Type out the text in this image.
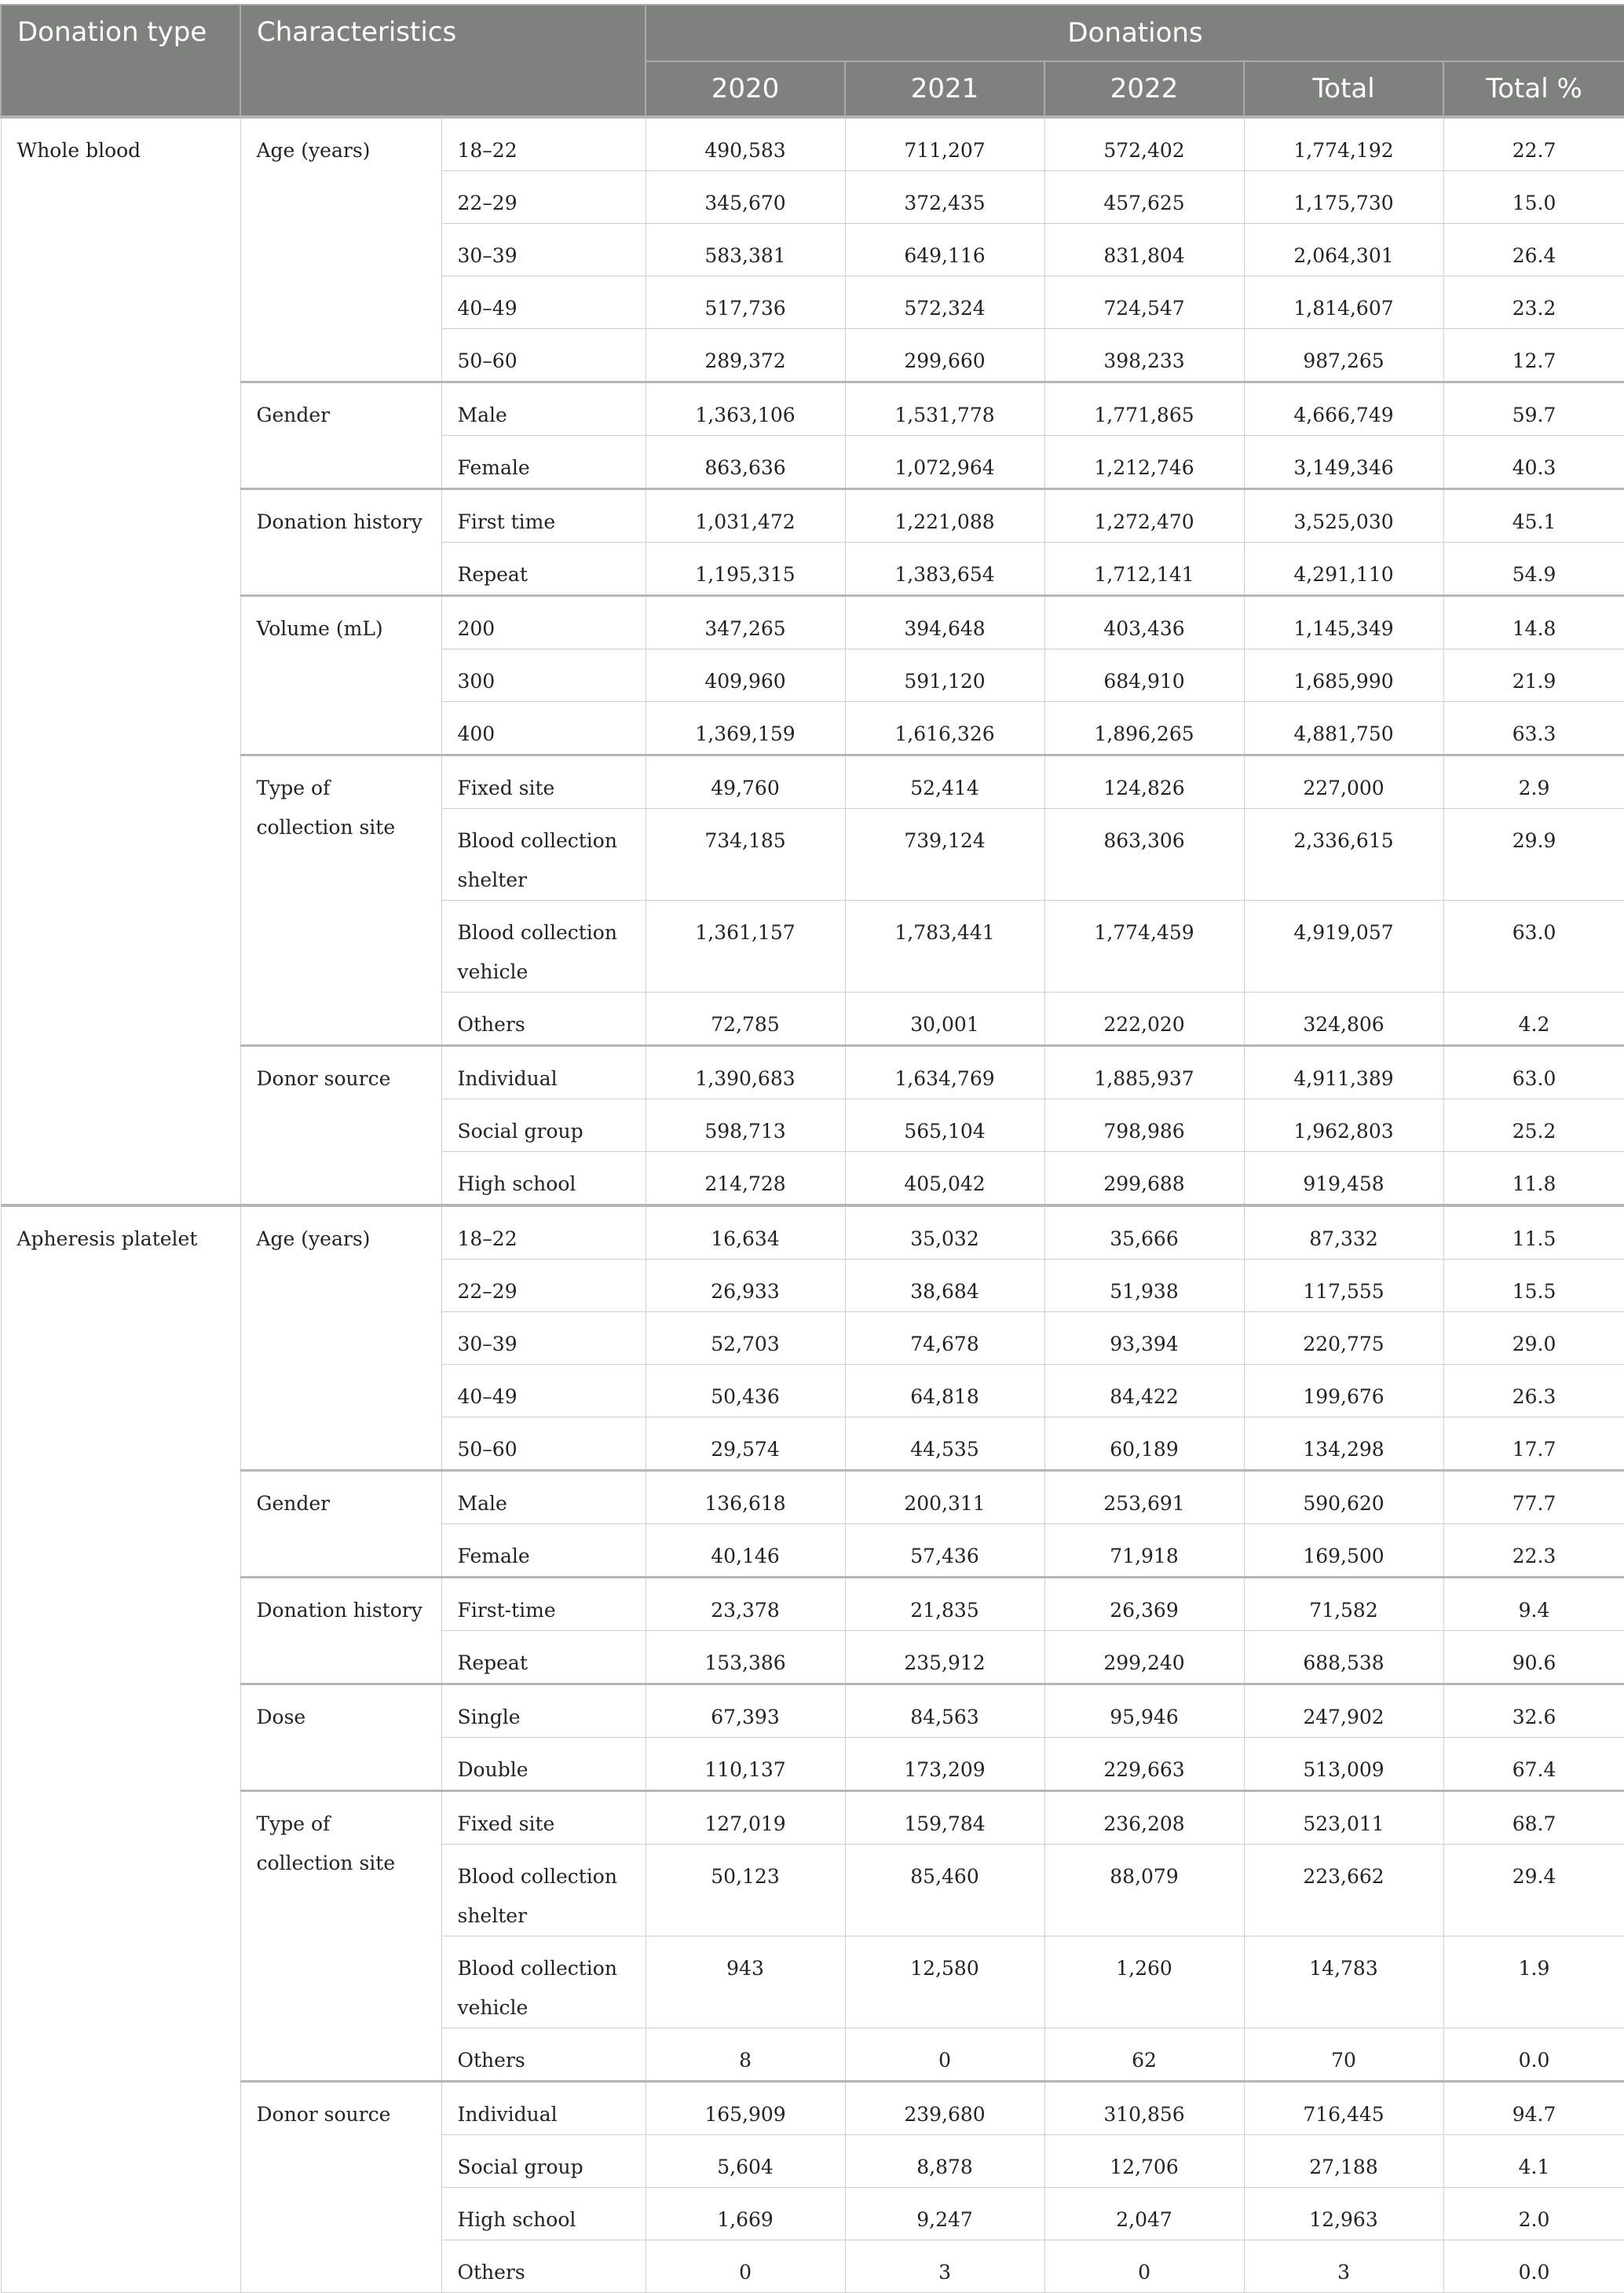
Donation type	Characteristics		Donations				
			2020	2021	2022	Total	Total %
Whole blood	Age (years)	18–22	490,583	711,207	572,402	1,774,192	22.7
		22–29	345,670	372,435	457,625	1,175,730	15.0
		30–39	583,381	649,116	831,804	2,064,301	26.4
		40–49	517,736	572,324	724,547	1,814,607	23.2
		50–60	289,372	299,660	398,233	987,265	12.7
	Gender	Male	1,363,106	1,531,778	1,771,865	4,666,749	59.7
		Female	863,636	1,072,964	1,212,746	3,149,346	40.3
	Donation history	First time	1,031,472	1,221,088	1,272,470	3,525,030	45.1
		Repeat	1,195,315	1,383,654	1,712,141	4,291,110	54.9
	Volume (mL)	200	347,265	394,648	403,436	1,145,349	14.8
		300	409,960	591,120	684,910	1,685,990	21.9
		400	1,369,159	1,616,326	1,896,265	4,881,750	63.3
	Type of collection site	Fixed site	49,760	52,414	124,826	227,000	2.9
		Blood collection shelter	734,185	739,124	863,306	2,336,615	29.9
		Blood collection vehicle	1,361,157	1,783,441	1,774,459	4,919,057	63.0
		Others	72,785	30,001	222,020	324,806	4.2
	Donor source	Individual	1,390,683	1,634,769	1,885,937	4,911,389	63.0
		Social group	598,713	565,104	798,986	1,962,803	25.2
		High school	214,728	405,042	299,688	919,458	11.8
Apheresis platelet	Age (years)	18–22	16,634	35,032	35,666	87,332	11.5
		22–29	26,933	38,684	51,938	117,555	15.5
		30–39	52,703	74,678	93,394	220,775	29.0
		40–49	50,436	64,818	84,422	199,676	26.3
		50–60	29,574	44,535	60,189	134,298	17.7
	Gender	Male	136,618	200,311	253,691	590,620	77.7
		Female	40,146	57,436	71,918	169,500	22.3
	Donation history	First-time	23,378	21,835	26,369	71,582	9.4
		Repeat	153,386	235,912	299,240	688,538	90.6
	Dose	Single	67,393	84,563	95,946	247,902	32.6
		Double	110,137	173,209	229,663	513,009	67.4
	Type of collection site	Fixed site	127,019	159,784	236,208	523,011	68.7
		Blood collection shelter	50,123	85,460	88,079	223,662	29.4
		Blood collection vehicle	943	12,580	1,260	14,783	1.9
		Others	8	0	62	70	0.0
	Donor source	Individual	165,909	239,680	310,856	716,445	94.7
		Social group	5,604	8,878	12,706	27,188	4.1
		High school	1,669	9,247	2,047	12,963	2.0
		Others	0	3	0	3	0.0
